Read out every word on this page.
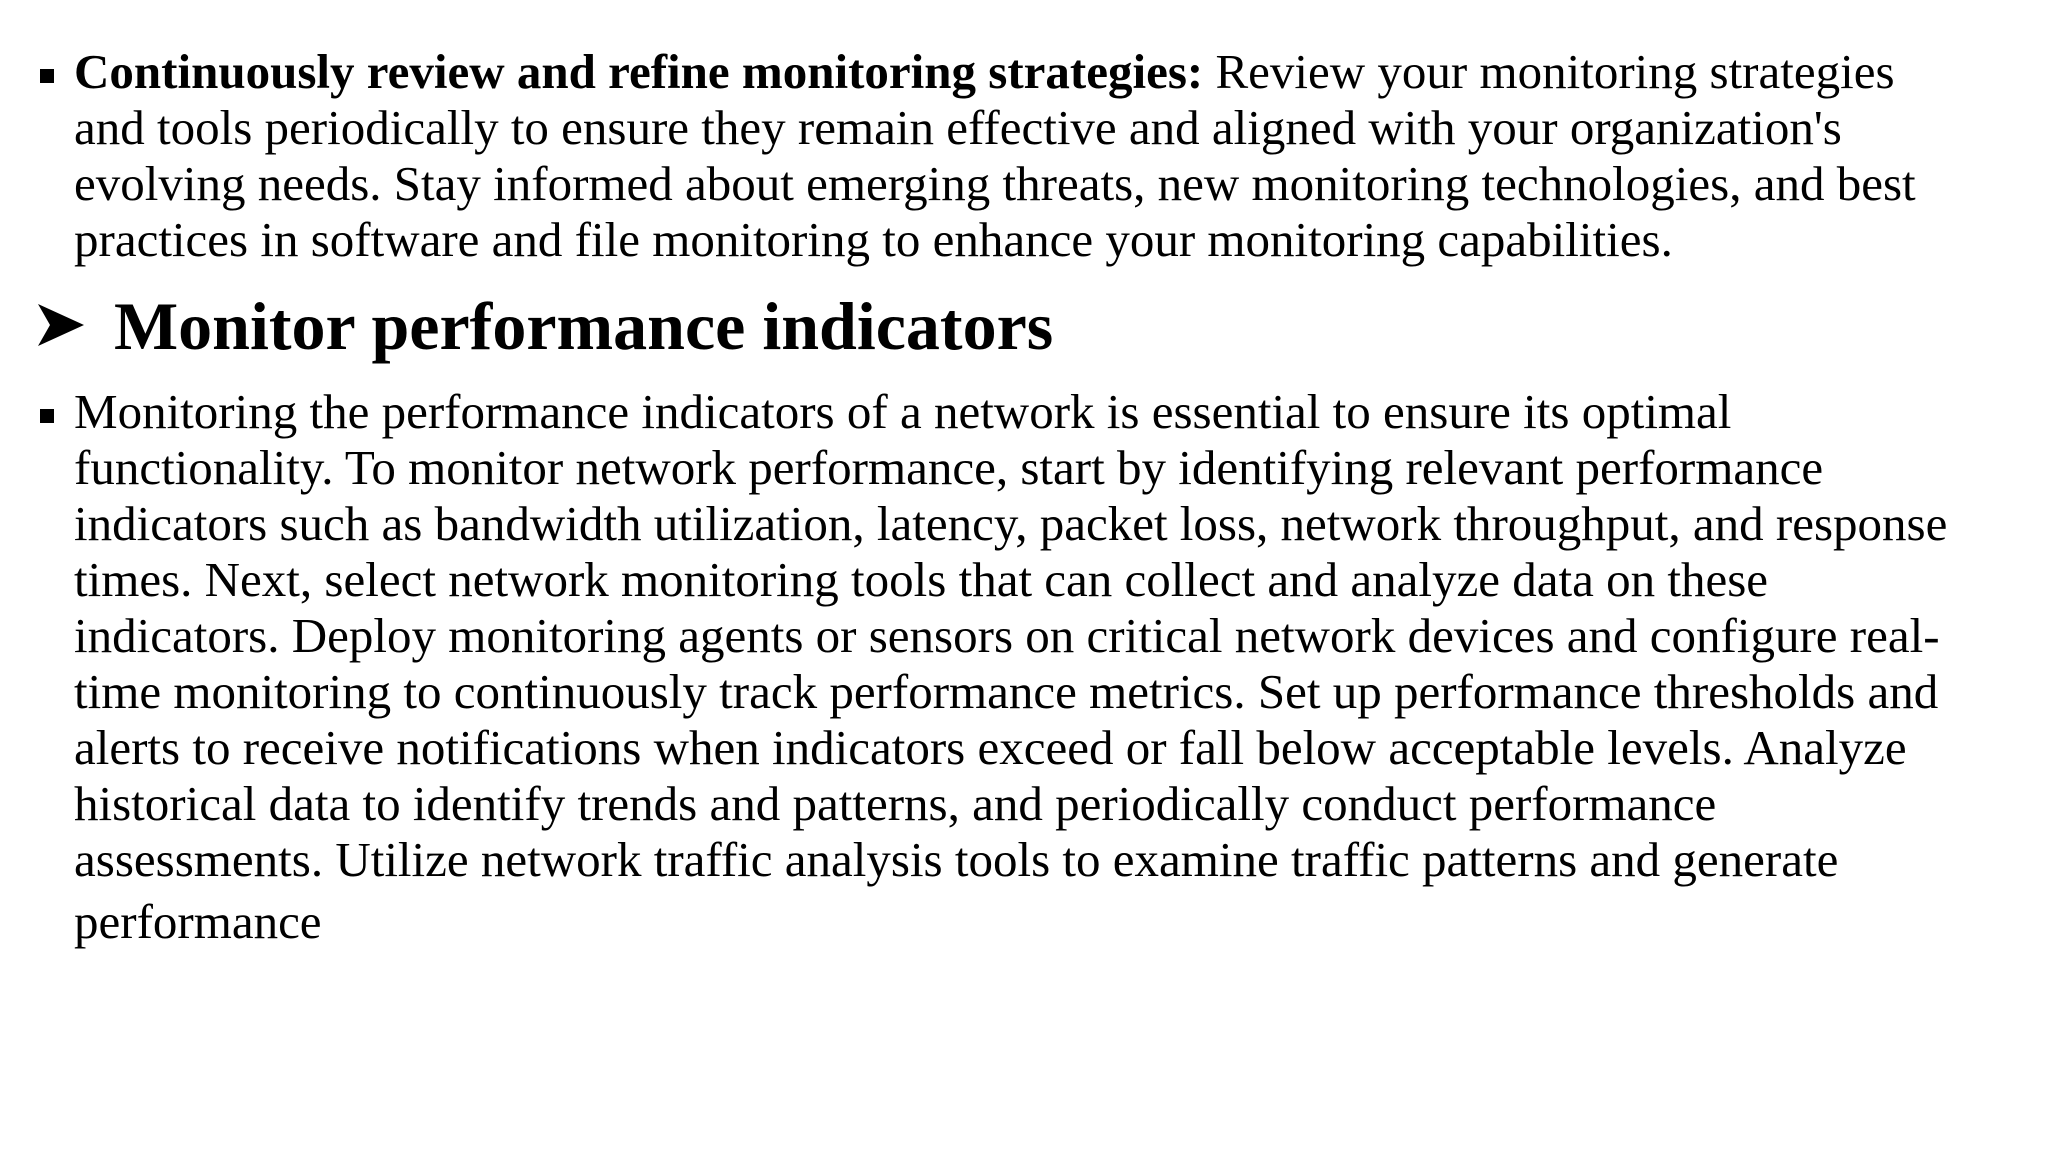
Continuously review and refine monitoring strategies: Review your monitoring strategies
and tools periodically to ensure they remain effective and aligned with your organization's
evolving needs. Stay informed about emerging threats, new monitoring technologies, and best
practices in software and file monitoring to enhance your monitoring capabilities.
Monitor performance indicators
Monitoring the performance indicators of a network is essential to ensure its optimal
functionality. To monitor network performance, start by identifying relevant performance
indicators such as bandwidth utilization, latency, packet loss, network throughput, and response
times. Next, select network monitoring tools that can collect and analyze data on these
indicators. Deploy monitoring agents or sensors on critical network devices and configure real-
time monitoring to continuously track performance metrics. Set up performance thresholds and
alerts to receive notifications when indicators exceed or fall below acceptable levels. Analyze
historical data to identify trends and patterns, and periodically conduct performance
assessments. Utilize network traffic analysis tools to examine traffic patterns and generate
performance
